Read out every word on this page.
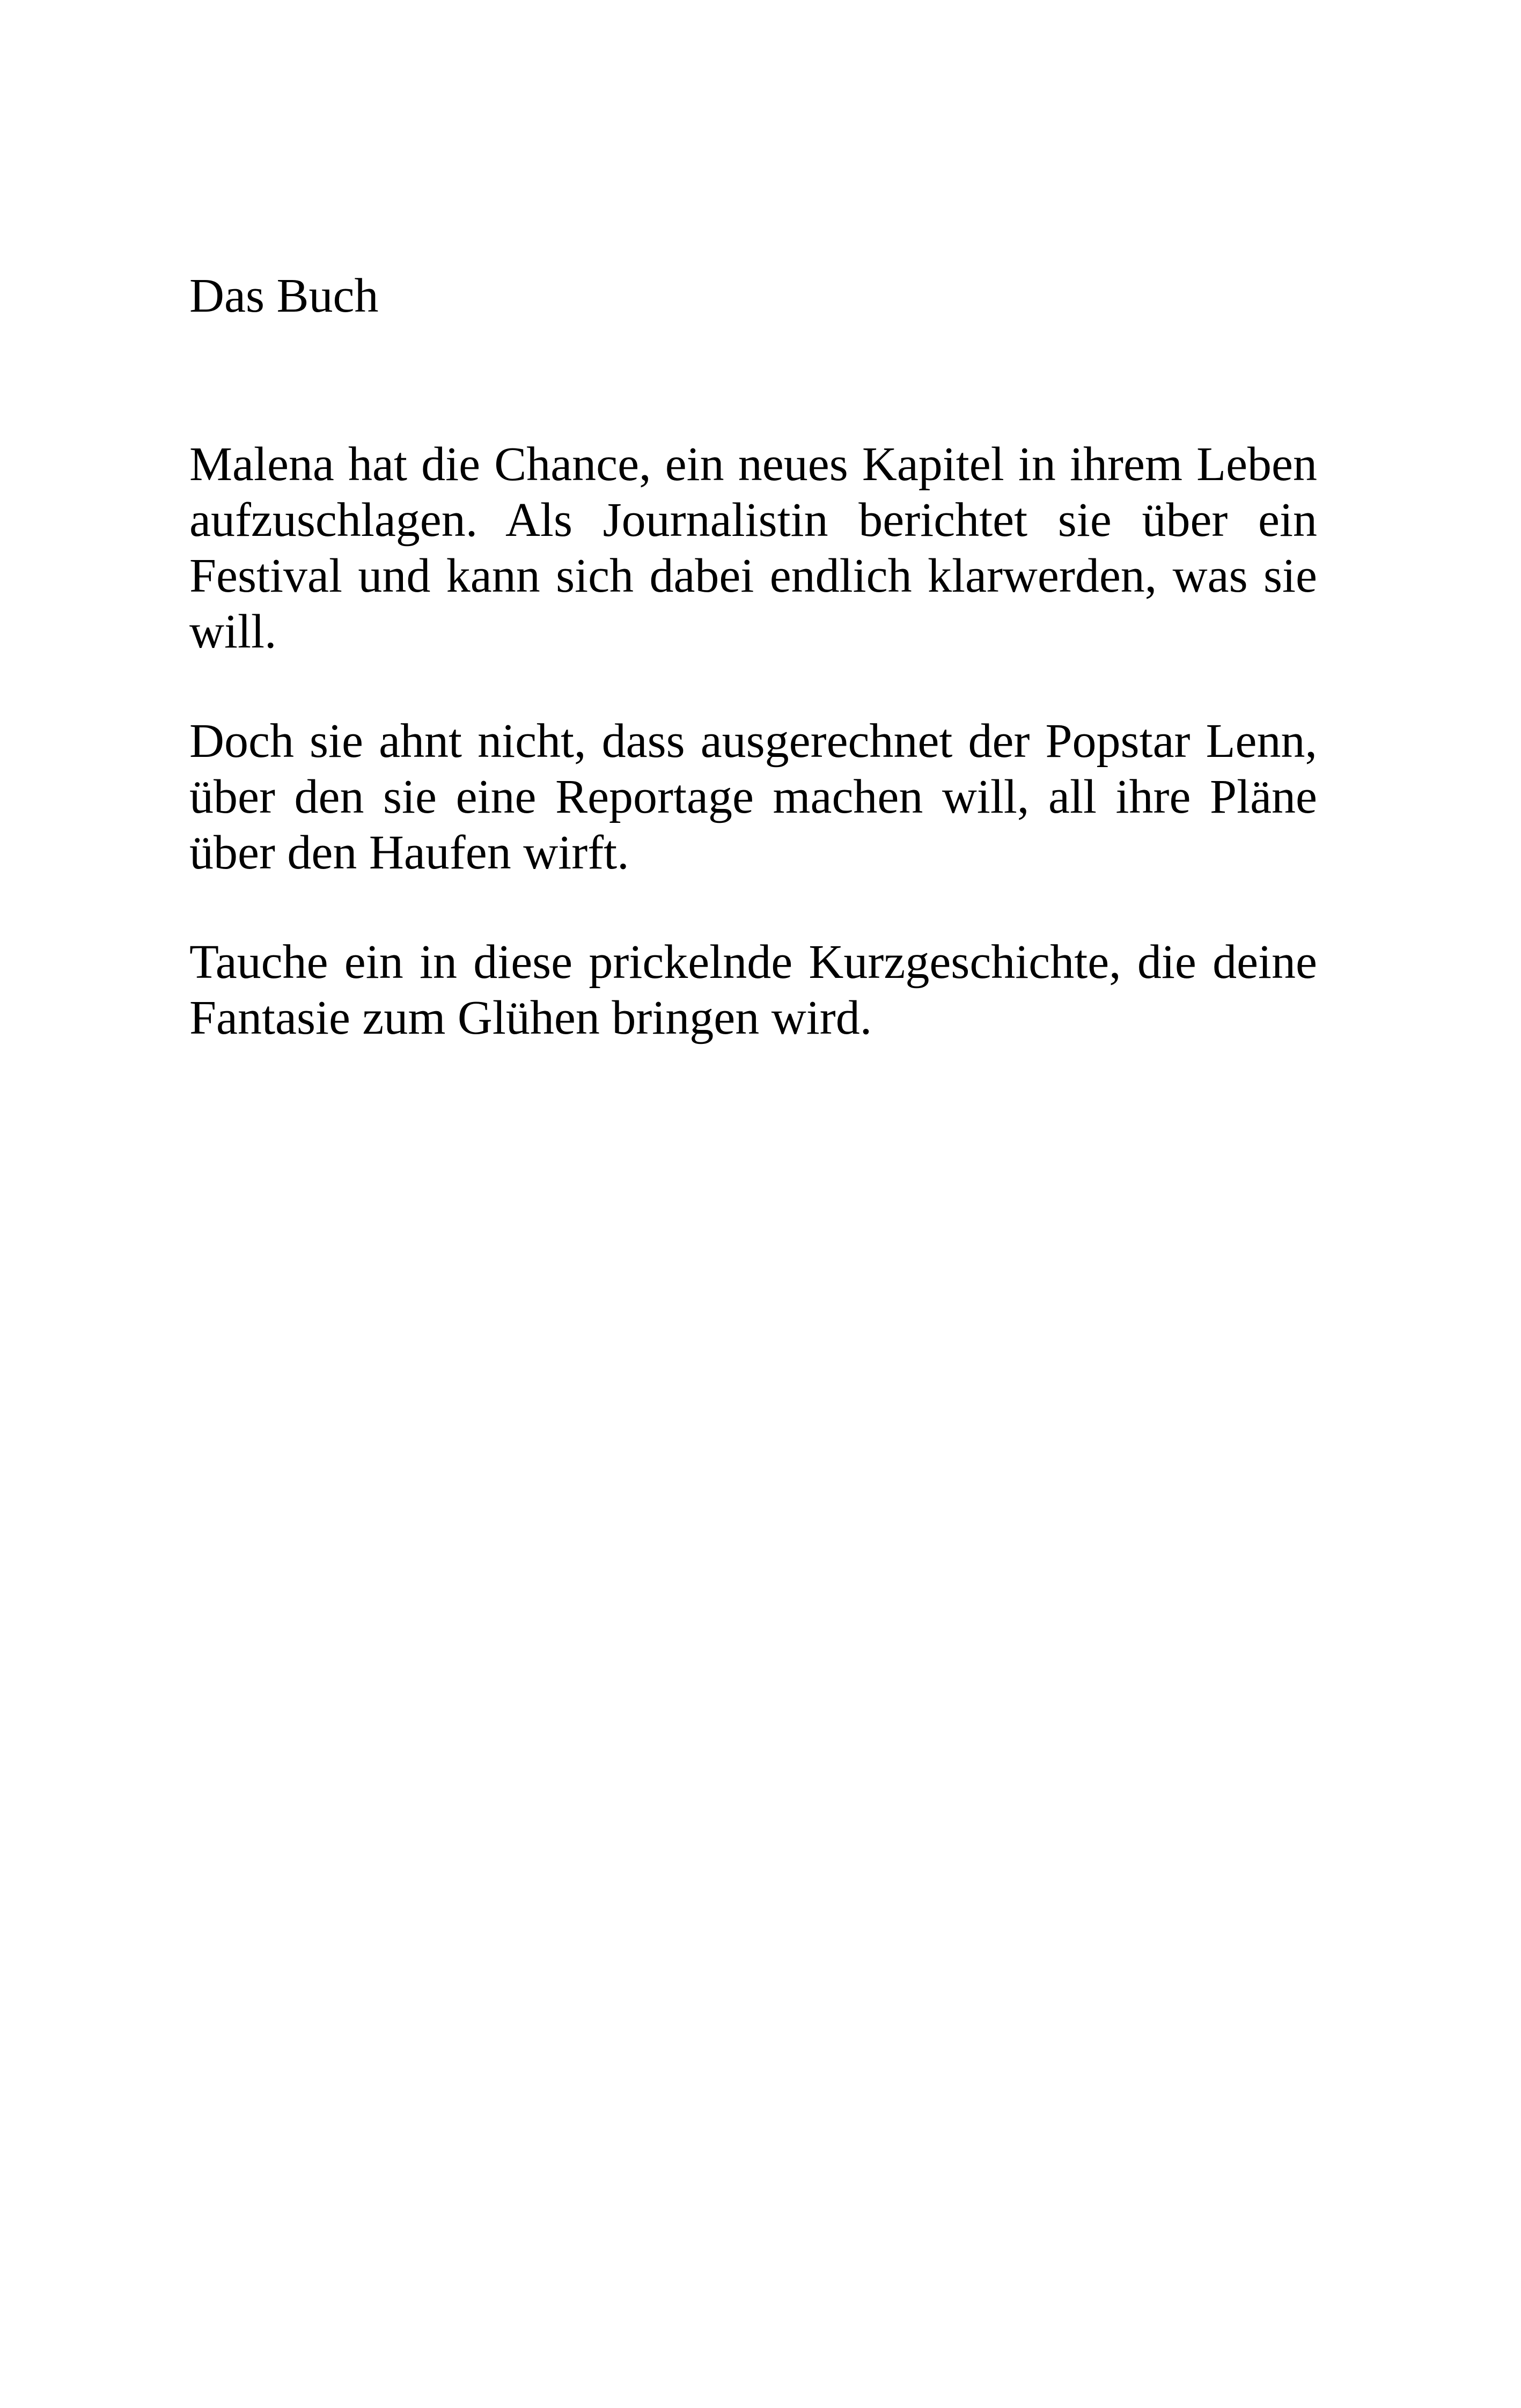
Das Buch

Malena hat die Chance, ein neues Kapitel in ihrem Leben aufzuschlagen. Als Journalistin berichtet sie über ein Festival und kann sich dabei endlich klarwerden, was sie will.

Doch sie ahnt nicht, dass ausgerechnet der Popstar Lenn, über den sie eine Reportage machen will, all ihre Pläne über den Haufen wirft.

Tauche ein in diese prickelnde Kurzgeschichte, die deine Fantasie zum Glühen bringen wird.
